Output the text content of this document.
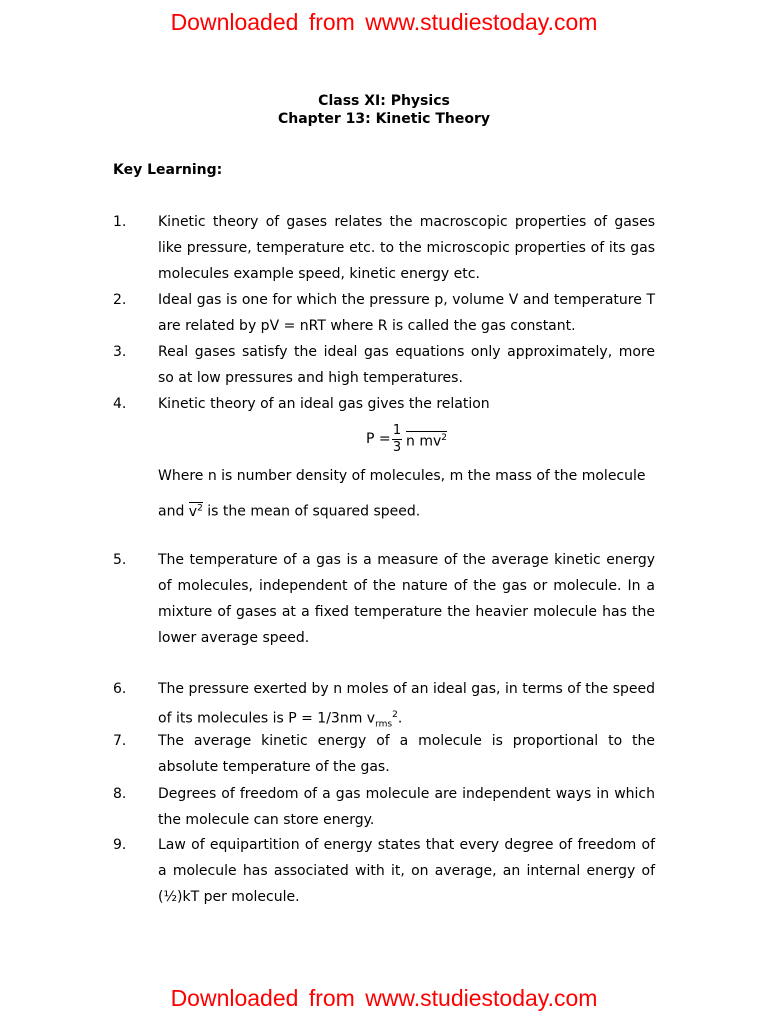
Downloaded from www.studiestoday.com
Class XI: Physics
Chapter 13: Kinetic Theory
Key Learning:
1. Kinetic theory of gases relates the macroscopic properties of gases like pressure, temperature etc. to the microscopic properties of its gas molecules example speed, kinetic energy etc.
2. Ideal gas is one for which the pressure p, volume V and temperature T are related by pV = nRT where R is called the gas constant.
3. Real gases satisfy the ideal gas equations only approximately, more so at low pressures and high temperatures.
4. Kinetic theory of an ideal gas gives the relation
P =
1
3 n $mv^2$
Where n is number density of molecules, m the mass of the molecule
and $v^2$ is the mean of squared speed.
5. The temperature of a gas is a measure of the average kinetic energy of molecules, independent of the nature of the gas or molecule. In a mixture of gases at a fixed temperature the heavier molecule has the lower average speed.
6. The pressure exerted by n moles of an ideal gas, in terms of the speed of its molecules is P = 1/3nm $v_{rms}^2$.
7. The average kinetic energy of a molecule is proportional to the absolute temperature of the gas.
8. Degrees of freedom of a gas molecule are independent ways in which the molecule can store energy.
9. Law of equipartition of energy states that every degree of freedom of a molecule has associated with it, on average, an internal energy of (½)kT per molecule.
Downloaded from www.studiestoday.com
